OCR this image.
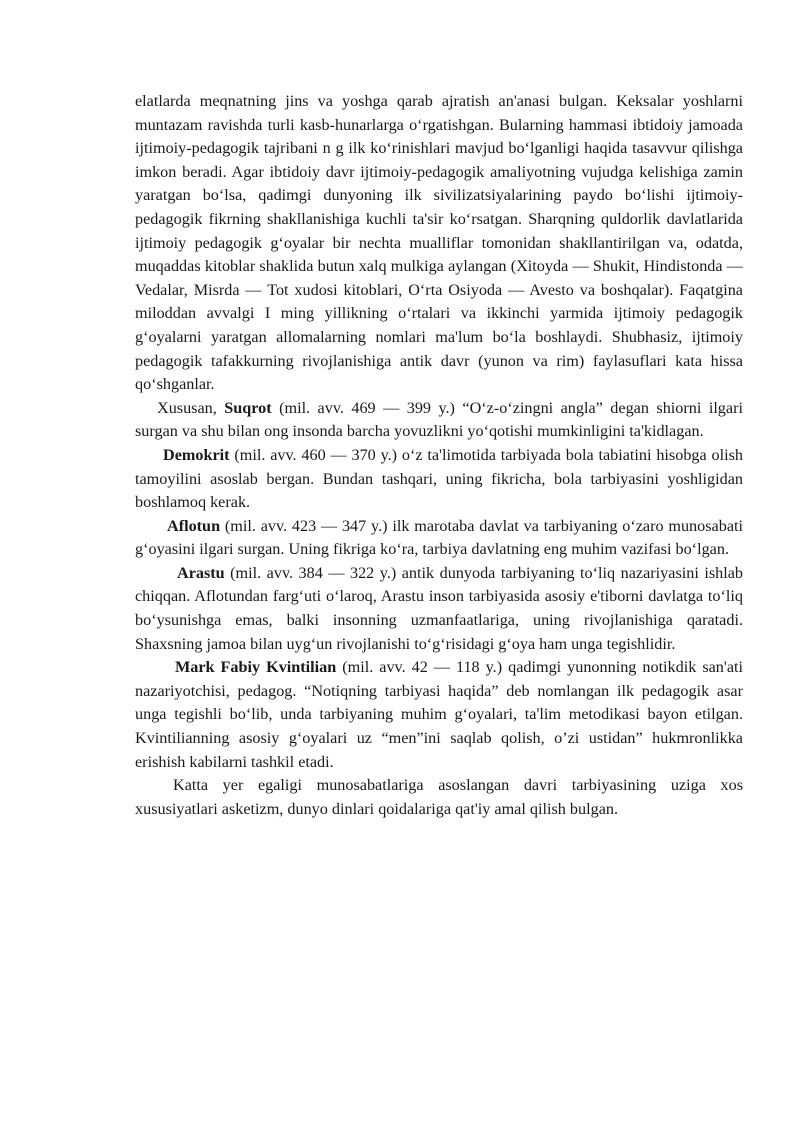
elatlarda meqnatning jins va yoshga qarab ajratish an'anasi bulgan. Keksalar yoshlarni muntazam ravishda turli kasb-hunarlarga o‘rgatishgan. Bularning hammasi ibtidoiy jamoada ijtimoiy-pedagogik tajribani n g ilk ko‘rinishlari mavjud bo‘lganligi haqida tasavvur qilishga imkon beradi. Agar ibtidoiy davr ijtimoiy-pedagogik amaliyotning vujudga kelishiga zamin yaratgan bo‘lsa, qadimgi dunyoning ilk sivilizatsiyalarining paydo bo‘lishi ijtimoiy-pedagogik fikrning shakllanishiga kuchli ta'sir ko‘rsatgan. Sharqning quldorlik davlatlarida ijtimoiy pedagogik g‘oyalar bir nechta mualliflar tomonidan shakllantirilgan va, odatda, muqaddas kitoblar shaklida butun xalq mulkiga aylangan (Xitoyda — Shukit, Hindistonda — Vedalar, Misrda — Tot xudosi kitoblari, O‘rta Osiyoda — Avesto va boshqalar). Faqatgina miloddan avvalgi I ming yillikning o‘rtalari va ikkinchi yarmida ijtimoiy pedagogik g‘oyalarni yaratgan allomalarning nomlari ma'lum bo‘la boshlaydi. Shubhasiz, ijtimoiy pedagogik tafakkurning rivojlanishiga antik davr (yunon va rim) faylasuflari kata hissa qo‘shganlar.

Xususan, Suqrot (mil. avv. 469 — 399 y.) “O‘z-o‘zingni angla” degan shiorni ilgari surgan va shu bilan ong insonda barcha yovuzlikni yo‘qotishi mumkinligini ta'kidlagan.

Demokrit (mil. avv. 460 — 370 y.) o‘z ta'limotida tarbiyada bola tabiatini hisobga olish tamoyilini asoslab bergan. Bundan tashqari, uning fikricha, bola tarbiyasini yoshligidan boshlamoq kerak.

Aflotun (mil. avv. 423 — 347 y.) ilk marotaba davlat va tarbiyaning o‘zaro munosabati g‘oyasini ilgari surgan. Uning fikriga ko‘ra, tarbiya davlatning eng muhim vazifasi bo‘lgan.

Arastu (mil. avv. 384 — 322 y.) antik dunyoda tarbiyaning to‘liq nazariyasini ishlab chiqqan. Aflotundan farg‘uti o‘laroq, Arastu inson tarbiyasida asosiy e'tiborni davlatga to‘liq bo‘ysunishga emas, balki insonning uzmanfaatlariga, uning rivojlanishiga qaratadi. Shaxsning jamoa bilan uyg‘un rivojlanishi to‘g‘risidagi g‘oya ham unga tegishlidir.

Mark Fabiy Kvintilian (mil. avv. 42 — 118 y.) qadimgi yunonning notikdik san'ati nazariyotchisi, pedagog. “Notiqning tarbiyasi haqida” deb nomlangan ilk pedagogik asar unga tegishli bo‘lib, unda tarbiyaning muhim g‘oyalari, ta'lim metodikasi bayon etilgan. Kvintilianning asosiy g‘oyalari uz “men”ini saqlab qolish, o’zi ustidan” hukmronlikka erishish kabilarni tashkil etadi.

Katta yer egaligi munosabatlariga asoslangan davri tarbiyasining uziga xos xususiyatlari asketizm, dunyo dinlari qoidalariga qat'iy amal qilish bulgan.
